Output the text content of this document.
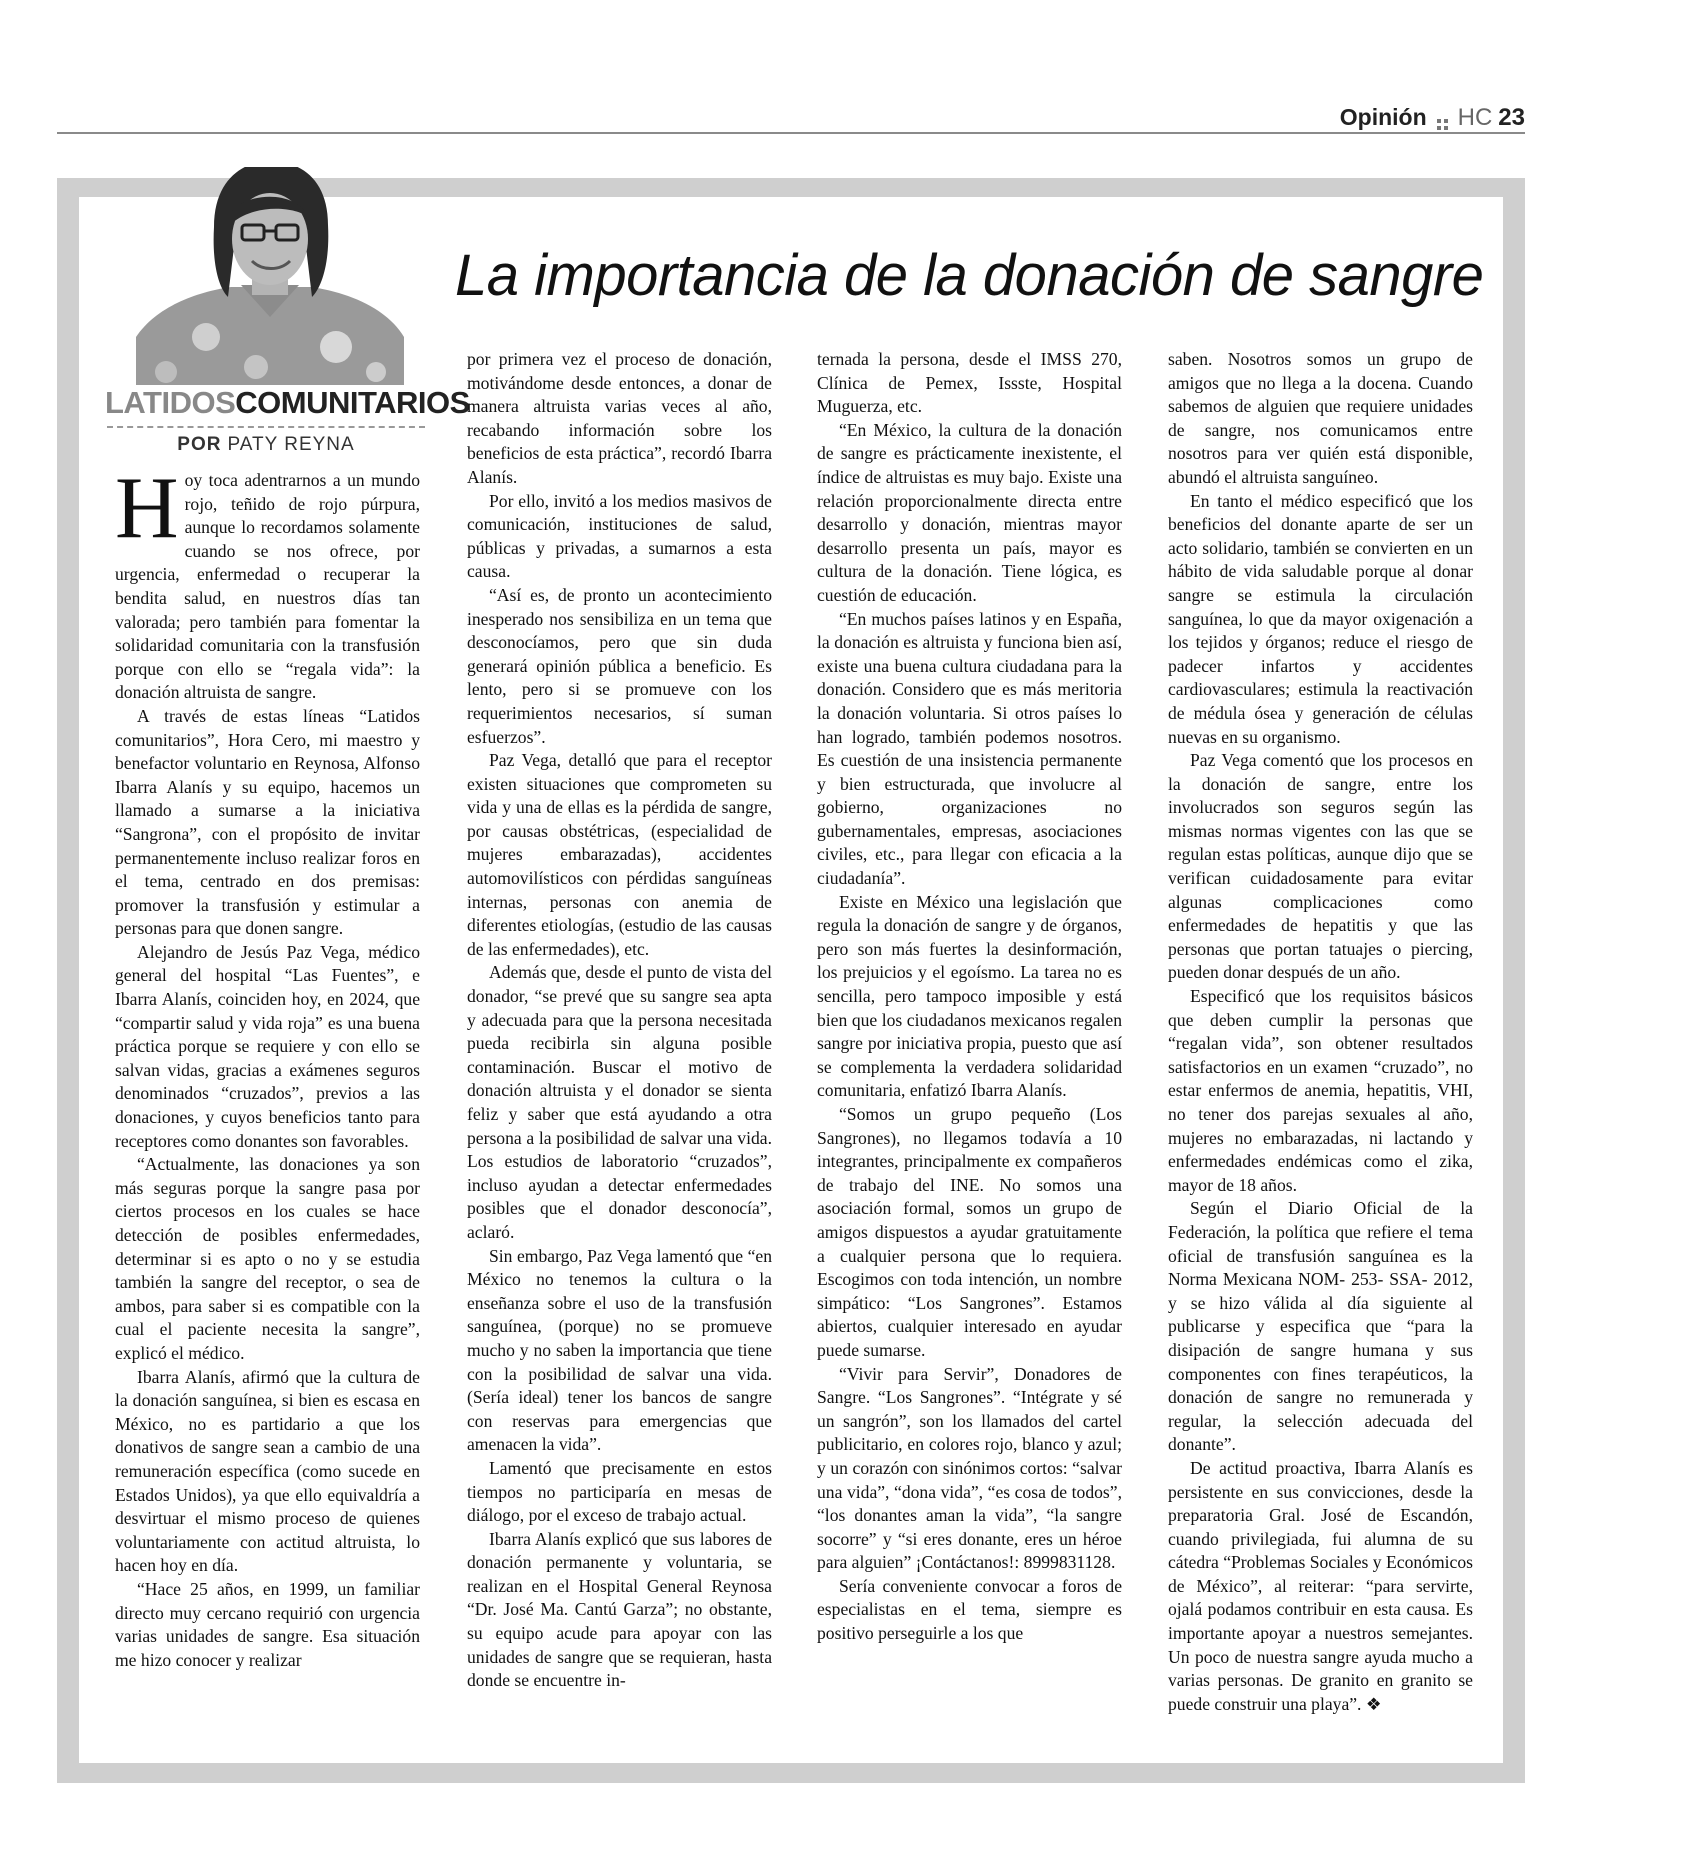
Opinión HC 23
LATIDOSCOMUNITARIOS
POR PATY REYNA
La importancia de la donación de sangre

Hoy toca adentrarnos a un mundo rojo, teñido de rojo púrpura, aunque lo recordamos solamente cuando se nos ofrece, por urgencia, enfermedad o recuperar la bendita salud, en nuestros días tan valorada; pero también para fomentar la solidaridad comunitaria con la transfusión porque con ello se “regala vida”: la donación altruista de sangre.

A través de estas líneas “Latidos comunitarios”, Hora Cero, mi maestro y benefactor voluntario en Reynosa, Alfonso Ibarra Alanís y su equipo, hacemos un llamado a sumarse a la iniciativa “Sangrona”, con el propósito de invitar permanentemente incluso realizar foros en el tema, centrado en dos premisas: promover la transfusión y estimular a personas para que donen sangre.

Alejandro de Jesús Paz Vega, médico general del hospital “Las Fuentes”, e Ibarra Alanís, coinciden hoy, en 2024, que “compartir salud y vida roja” es una buena práctica porque se requiere y con ello se salvan vidas, gracias a exámenes seguros denominados “cruzados”, previos a las donaciones, y cuyos beneficios tanto para receptores como donantes son favorables.

“Actualmente, las donaciones ya son más seguras porque la sangre pasa por ciertos procesos en los cuales se hace detección de posibles enfermedades, determinar si es apto o no y se estudia también la sangre del receptor, o sea de ambos, para saber si es compatible con la cual el paciente necesita la sangre”, explicó el médico.

Ibarra Alanís, afirmó que la cultura de la donación sanguínea, si bien es escasa en México, no es partidario a que los donativos de sangre sean a cambio de una remuneración específica (como sucede en Estados Unidos), ya que ello equivaldría a desvirtuar el mismo proceso de quienes voluntariamente con actitud altruista, lo hacen hoy en día.

“Hace 25 años, en 1999, un familiar directo muy cercano requirió con urgencia varias unidades de sangre. Esa situación me hizo conocer y realizar

por primera vez el proceso de donación, motivándome desde entonces, a donar de manera altruista varias veces al año, recabando información sobre los beneficios de esta práctica”, recordó Ibarra Alanís.

Por ello, invitó a los medios masivos de comunicación, instituciones de salud, públicas y privadas, a sumarnos a esta causa.

“Así es, de pronto un acontecimiento inesperado nos sensibiliza en un tema que desconocíamos, pero que sin duda generará opinión pública a beneficio. Es lento, pero si se promueve con los requerimientos necesarios, sí suman esfuerzos”.

Paz Vega, detalló que para el receptor existen situaciones que comprometen su vida y una de ellas es la pérdida de sangre, por causas obstétricas, (especialidad de mujeres embarazadas), accidentes automovilísticos con pérdidas sanguíneas internas, personas con anemia de diferentes etiologías, (estudio de las causas de las enfermedades), etc.

Además que, desde el punto de vista del donador, “se prevé que su sangre sea apta y adecuada para que la persona necesitada pueda recibirla sin alguna posible contaminación. Buscar el motivo de donación altruista y el donador se sienta feliz y saber que está ayudando a otra persona a la posibilidad de salvar una vida. Los estudios de laboratorio “cruzados”, incluso ayudan a detectar enfermedades posibles que el donador desconocía”, aclaró.

Sin embargo, Paz Vega lamentó que “en México no tenemos la cultura o la enseñanza sobre el uso de la transfusión sanguínea, (porque) no se promueve mucho y no saben la importancia que tiene con la posibilidad de salvar una vida. (Sería ideal) tener los bancos de sangre con reservas para emergencias que amenacen la vida”.

Lamentó que precisamente en estos tiempos no participaría en mesas de diálogo, por el exceso de trabajo actual.

Ibarra Alanís explicó que sus labores de donación permanente y voluntaria, se realizan en el Hospital General Reynosa “Dr. José Ma. Cantú Garza”; no obstante, su equipo acude para apoyar con las unidades de sangre que se requieran, hasta donde se encuentre in-

ternada la persona, desde el IMSS 270, Clínica de Pemex, Issste, Hospital Muguerza, etc.

“En México, la cultura de la donación de sangre es prácticamente inexistente, el índice de altruistas es muy bajo. Existe una relación proporcionalmente directa entre desarrollo y donación, mientras mayor desarrollo presenta un país, mayor es cultura de la donación. Tiene lógica, es cuestión de educación.

“En muchos países latinos y en España, la donación es altruista y funciona bien así, existe una buena cultura ciudadana para la donación. Considero que es más meritoria la donación voluntaria. Si otros países lo han logrado, también podemos nosotros. Es cuestión de una insistencia permanente y bien estructurada, que involucre al gobierno, organizaciones no gubernamentales, empresas, asociaciones civiles, etc., para llegar con eficacia a la ciudadanía”.

Existe en México una legislación que regula la donación de sangre y de órganos, pero son más fuertes la desinformación, los prejuicios y el egoísmo. La tarea no es sencilla, pero tampoco imposible y está bien que los ciudadanos mexicanos regalen sangre por iniciativa propia, puesto que así se complementa la verdadera solidaridad comunitaria, enfatizó Ibarra Alanís.

“Somos un grupo pequeño (Los Sangrones), no llegamos todavía a 10 integrantes, principalmente ex compañeros de trabajo del INE. No somos una asociación formal, somos un grupo de amigos dispuestos a ayudar gratuitamente a cualquier persona que lo requiera. Escogimos con toda intención, un nombre simpático: “Los Sangrones”. Estamos abiertos, cualquier interesado en ayudar puede sumarse.

“Vivir para Servir”, Donadores de Sangre. “Los Sangrones”. “Intégrate y sé un sangrón”, son los llamados del cartel publicitario, en colores rojo, blanco y azul; y un corazón con sinónimos cortos: “salvar una vida”, “dona vida”, “es cosa de todos”, “los donantes aman la vida”, “la sangre socorre” y “si eres donante, eres un héroe para alguien” ¡Contáctanos!: 8999831128.

Sería conveniente convocar a foros de especialistas en el tema, siempre es positivo perseguirle a los que

saben. Nosotros somos un grupo de amigos que no llega a la docena. Cuando sabemos de alguien que requiere unidades de sangre, nos comunicamos entre nosotros para ver quién está disponible, abundó el altruista sanguíneo.

En tanto el médico especificó que los beneficios del donante aparte de ser un acto solidario, también se convierten en un hábito de vida saludable porque al donar sangre se estimula la circulación sanguínea, lo que da mayor oxigenación a los tejidos y órganos; reduce el riesgo de padecer infartos y accidentes cardiovasculares; estimula la reactivación de médula ósea y generación de células nuevas en su organismo.

Paz Vega comentó que los procesos en la donación de sangre, entre los involucrados son seguros según las mismas normas vigentes con las que se regulan estas políticas, aunque dijo que se verifican cuidadosamente para evitar algunas complicaciones como enfermedades de hepatitis y que las personas que portan tatuajes o piercing, pueden donar después de un año.

Especificó que los requisitos básicos que deben cumplir la personas que “regalan vida”, son obtener resultados satisfactorios en un examen “cruzado”, no estar enfermos de anemia, hepatitis, VHI, no tener dos parejas sexuales al año, mujeres no embarazadas, ni lactando y enfermedades endémicas como el zika, mayor de 18 años.

Según el Diario Oficial de la Federación, la política que refiere el tema oficial de transfusión sanguínea es la Norma Mexicana NOM- 253- SSA- 2012, y se hizo válida al día siguiente al publicarse y especifica que “para la disipación de sangre humana y sus componentes con fines terapéuticos, la donación de sangre no remunerada y regular, la selección adecuada del donante”.

De actitud proactiva, Ibarra Alanís es persistente en sus convicciones, desde la preparatoria Gral. José de Escandón, cuando privilegiada, fui alumna de su cátedra “Problemas Sociales y Económicos de México”, al reiterar: “para servirte, ojalá podamos contribuir en esta causa. Es importante apoyar a nuestros semejantes. Un poco de nuestra sangre ayuda mucho a varias personas. De granito en granito se puede construir una playa”. ❖
